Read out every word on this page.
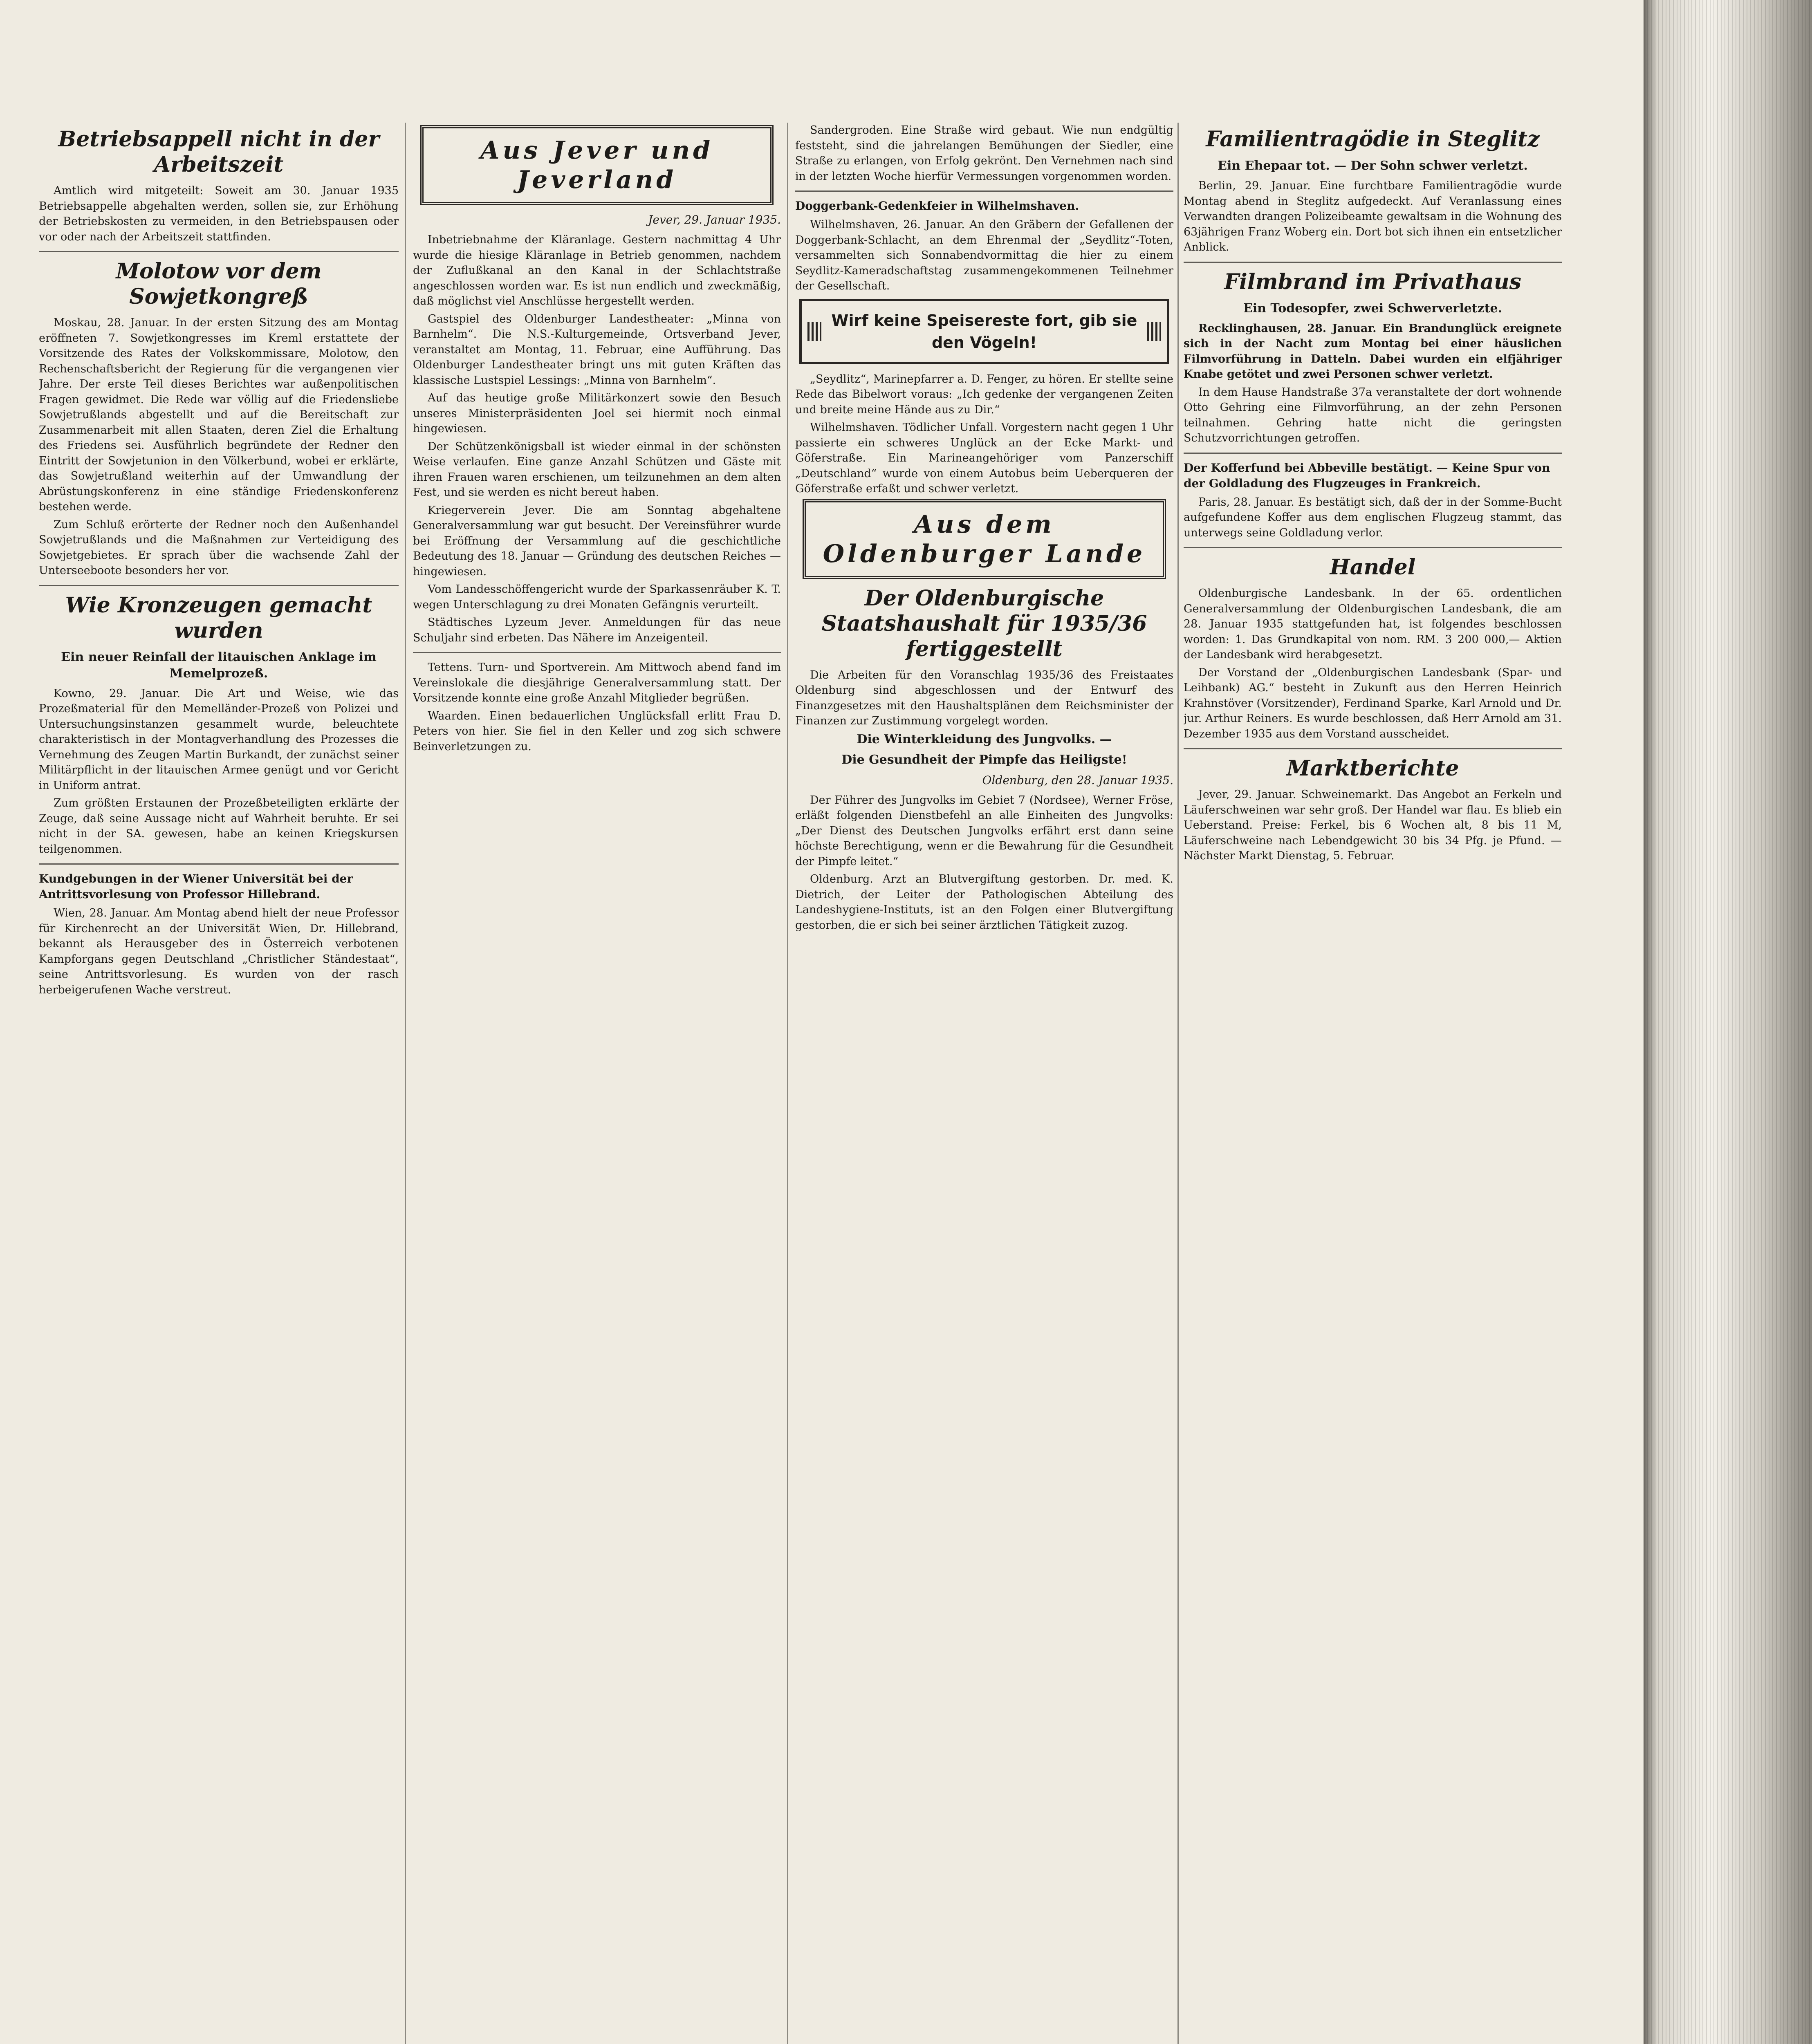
Betriebsappell nicht in der Arbeitszeit

Amtlich wird mitgeteilt: Soweit am 30. Januar 1935 Betriebsappelle abgehalten werden, sollen sie, zur Erhöhung der Betriebskosten zu vermeiden, in den Betriebspausen oder vor oder nach der Arbeitszeit stattfinden.

Molotow vor dem Sowjetkongreß

Moskau, 28. Januar. In der ersten Sitzung des am Montag eröffneten 7. Sowjetkongresses im Kreml erstattete der Vorsitzende des Rates der Volkskommissare, Molotow, den Rechenschaftsbericht der Regierung für die vergangenen vier Jahre. Der erste Teil dieses Berichtes war außenpolitischen Fragen gewidmet. Die Rede war völlig auf die Friedensliebe Sowjetrußlands abgestellt und auf die Bereitschaft zur Zusammenarbeit mit allen Staaten, deren Ziel die Erhaltung des Friedens sei. Ausführlich begründete der Redner den Eintritt der Sowjetunion in den Völkerbund, wobei er erklärte, das Sowjetrußland weiterhin auf der Umwandlung der Abrüstungskonferenz in eine ständige Friedenskonferenz bestehen werde.

Zum Schluß erörterte der Redner noch den Außenhandel Sowjetrußlands und die Maßnahmen zur Verteidigung des Sowjetgebietes. Er sprach über die wachsende Zahl der Unterseeboote besonders her vor.

Wie Kronzeugen gemacht wurden
Ein neuer Reinfall der litauischen Anklage im Memelprozeß.

Kowno, 29. Januar. Die Art und Weise, wie das Prozeßmaterial für den Memelländer-Prozeß von Polizei und Untersuchungsinstanzen gesammelt wurde, beleuchtete charakteristisch in der Montagverhandlung des Prozesses die Vernehmung des Zeugen Martin Burkandt, der zunächst seiner Militärpflicht in der litauischen Armee genügt und vor Gericht in Uniform antrat.

Zum größten Erstaunen der Prozeßbeteiligten erklärte der Zeuge, daß seine Aussage nicht auf Wahrheit beruhte. Er sei nicht in der SA. gewesen, habe an keinen Kriegskursen teilgenommen.

Kundgebungen in der Wiener Universität bei der Antrittsvorlesung von Professor Hillebrand.

Wien, 28. Januar. Am Montag abend hielt der neue Professor für Kirchenrecht an der Universität Wien, Dr. Hillebrand, bekannt als Herausgeber des in Österreich verbotenen Kampforgans gegen Deutschland „Christlicher Ständestaat“, seine Antrittsvorlesung. Es wurden von der rasch herbeigerufenen Wache verstreut.

Aus Jever und Jeverland
Jever, 29. Januar 1935.

Inbetriebnahme der Kläranlage. Gestern nachmittag 4 Uhr wurde die hiesige Kläranlage in Betrieb genommen, nachdem der Zuflußkanal an den Kanal in der Schlachtstraße angeschlossen worden war. Es ist nun endlich und zweckmäßig, daß möglichst viel Anschlüsse hergestellt werden.

Gastspiel des Oldenburger Landestheater: „Minna von Barnhelm“. Die N.S.-Kulturgemeinde, Ortsverband Jever, veranstaltet am Montag, 11. Februar, eine Aufführung. Das Oldenburger Landestheater bringt uns mit guten Kräften das klassische Lustspiel Lessings: „Minna von Barnhelm“.

Auf das heutige große Militärkonzert sowie den Besuch unseres Ministerpräsidenten Joel sei hiermit noch einmal hingewiesen.

Der Schützenkönigsball ist wieder einmal in der schönsten Weise verlaufen. Eine ganze Anzahl Schützen und Gäste mit ihren Frauen waren erschienen, um teilzunehmen an dem alten Fest, und sie werden es nicht bereut haben.

Kriegerverein Jever. Die am Sonntag abgehaltene Generalversammlung war gut besucht. Der Vereinsführer wurde bei Eröffnung der Versammlung auf die geschichtliche Bedeutung des 18. Januar — Gründung des deutschen Reiches — hingewiesen.

Vom Landesschöffengericht wurde der Sparkassenräuber K. T. wegen Unterschlagung zu drei Monaten Gefängnis verurteilt.

Städtisches Lyzeum Jever. Anmeldungen für das neue Schuljahr sind erbeten. Das Nähere im Anzeigenteil.

Tettens. Turn- und Sportverein. Am Mittwoch abend fand im Vereinslokale die diesjährige Generalversammlung statt. Der Vorsitzende konnte eine große Anzahl Mitglieder begrüßen.

Waarden. Einen bedauerlichen Unglücksfall erlitt Frau D. Peters von hier. Sie fiel in den Keller und zog sich schwere Beinverletzungen zu.

Sandergroden. Eine Straße wird gebaut. Wie nun endgültig feststeht, sind die jahrelangen Bemühungen der Siedler, eine Straße zu erlangen, von Erfolg gekrönt. Den Vernehmen nach sind in der letzten Woche hierfür Vermessungen vorgenommen worden.

Doggerbank-Gedenkfeier in Wilhelmshaven.

Wilhelmshaven, 26. Januar. An den Gräbern der Gefallenen der Doggerbank-Schlacht, an dem Ehrenmal der „Seydlitz“-Toten, versammelten sich Sonnabendvormittag die hier zu einem Seydlitz-Kameradschaftstag zusammengekommenen Teilnehmer der Gesellschaft.

Wirf keine Speisereste fort, gib sie den Vögeln!

„Seydlitz“, Marinepfarrer a. D. Fenger, zu hören. Er stellte seine Rede das Bibelwort voraus: „Ich gedenke der vergangenen Zeiten und breite meine Hände aus zu Dir.“

Wilhelmshaven. Tödlicher Unfall. Vorgestern nacht gegen 1 Uhr passierte ein schweres Unglück an der Ecke Markt- und Göferstraße. Ein Marineangehöriger vom Panzerschiff „Deutschland“ wurde von einem Autobus beim Ueberqueren der Göferstraße erfaßt und schwer verletzt.

Aus dem Oldenburger Lande
Der Oldenburgische Staatshaushalt für 1935/36 fertiggestellt

Die Arbeiten für den Voranschlag 1935/36 des Freistaates Oldenburg sind abgeschlossen und der Entwurf des Finanzgesetzes mit den Haushaltsplänen dem Reichsminister der Finanzen zur Zustimmung vorgelegt worden.

Die Winterkleidung des Jungvolks. —
Die Gesundheit der Pimpfe das Heiligste!
Oldenburg, den 28. Januar 1935.

Der Führer des Jungvolks im Gebiet 7 (Nordsee), Werner Fröse, erläßt folgenden Dienstbefehl an alle Einheiten des Jungvolks: „Der Dienst des Deutschen Jungvolks erfährt erst dann seine höchste Berechtigung, wenn er die Bewahrung für die Gesundheit der Pimpfe leitet.“

Oldenburg. Arzt an Blutvergiftung gestorben. Dr. med. K. Dietrich, der Leiter der Pathologischen Abteilung des Landeshygiene-Instituts, ist an den Folgen einer Blutvergiftung gestorben, die er sich bei seiner ärztlichen Tätigkeit zuzog.

Familientragödie in Steglitz
Ein Ehepaar tot. — Der Sohn schwer verletzt.

Berlin, 29. Januar. Eine furchtbare Familientragödie wurde Montag abend in Steglitz aufgedeckt. Auf Veranlassung eines Verwandten drangen Polizeibeamte gewaltsam in die Wohnung des 63jährigen Franz Woberg ein. Dort bot sich ihnen ein entsetzlicher Anblick.

Filmbrand im Privathaus
Ein Todesopfer, zwei Schwerverletzte.

Recklinghausen, 28. Januar. Ein Brandunglück ereignete sich in der Nacht zum Montag bei einer häuslichen Filmvorführung in Datteln. Dabei wurden ein elfjähriger Knabe getötet und zwei Personen schwer verletzt.

In dem Hause Handstraße 37a veranstaltete der dort wohnende Otto Gehring eine Filmvorführung, an der zehn Personen teilnahmen. Gehring hatte nicht die geringsten Schutzvorrichtungen getroffen.

Der Kofferfund bei Abbeville bestätigt. — Keine Spur von der Goldladung des Flugzeuges in Frankreich.

Paris, 28. Januar. Es bestätigt sich, daß der in der Somme-Bucht aufgefundene Koffer aus dem englischen Flugzeug stammt, das unterwegs seine Goldladung verlor.

Handel

Oldenburgische Landesbank. In der 65. ordentlichen Generalversammlung der Oldenburgischen Landesbank, die am 28. Januar 1935 stattgefunden hat, ist folgendes beschlossen worden: 1. Das Grundkapital von nom. RM. 3 200 000,— Aktien der Landesbank wird herabgesetzt.

Der Vorstand der „Oldenburgischen Landesbank (Spar- und Leihbank) AG.“ besteht in Zukunft aus den Herren Heinrich Krahnstöver (Vorsitzender), Ferdinand Sparke, Karl Arnold und Dr. jur. Arthur Reiners. Es wurde beschlossen, daß Herr Arnold am 31. Dezember 1935 aus dem Vorstand ausscheidet.

Marktberichte

Jever, 29. Januar. Schweinemarkt. Das Angebot an Ferkeln und Läuferschweinen war sehr groß. Der Handel war flau. Es blieb ein Ueberstand. Preise: Ferkel, bis 6 Wochen alt, 8 bis 11 M, Läuferschweine nach Lebendgewicht 30 bis 34 Pfg. je Pfund. — Nächster Markt Dienstag, 5. Februar.
